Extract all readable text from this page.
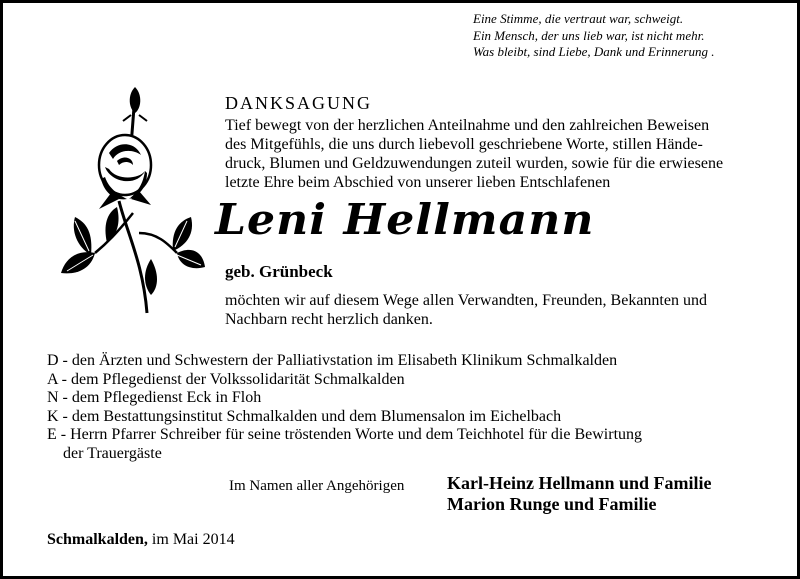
Eine Stimme, die vertraut war, schweigt.
Ein Mensch, der uns lieb war, ist nicht mehr.
Was bleibt, sind Liebe, Dank und Erinnerung .
DANKSAGUNG
Tief bewegt von der herzlichen Anteilnahme und den zahlreichen Beweisen
des Mitgefühls, die uns durch liebevoll geschriebene Worte, stillen Hände-
druck, Blumen und Geldzuwendungen zuteil wurden, sowie für die erwiesene
letzte Ehre beim Abschied von unserer lieben Entschlafenen
Leni Hellmann
geb. Grünbeck
möchten wir auf diesem Wege allen Verwandten, Freunden, Bekannten und
Nachbarn recht herzlich danken.
D - den Ärzten und Schwestern der Palliativstation im Elisabeth Klinikum Schmalkalden
A - dem Pflegedienst der Volkssolidarität Schmalkalden
N - dem Pflegedienst Eck in Floh
K - dem Bestattungsinstitut Schmalkalden und dem Blumensalon im Eichelbach
E - Herrn Pfarrer Schreiber für seine tröstenden Worte und dem Teichhotel für die Bewirtung
der Trauergäste
Im Namen aller Angehörigen Karl-Heinz Hellmann und Familie
Marion Runge und Familie
Schmalkalden, im Mai 2014
